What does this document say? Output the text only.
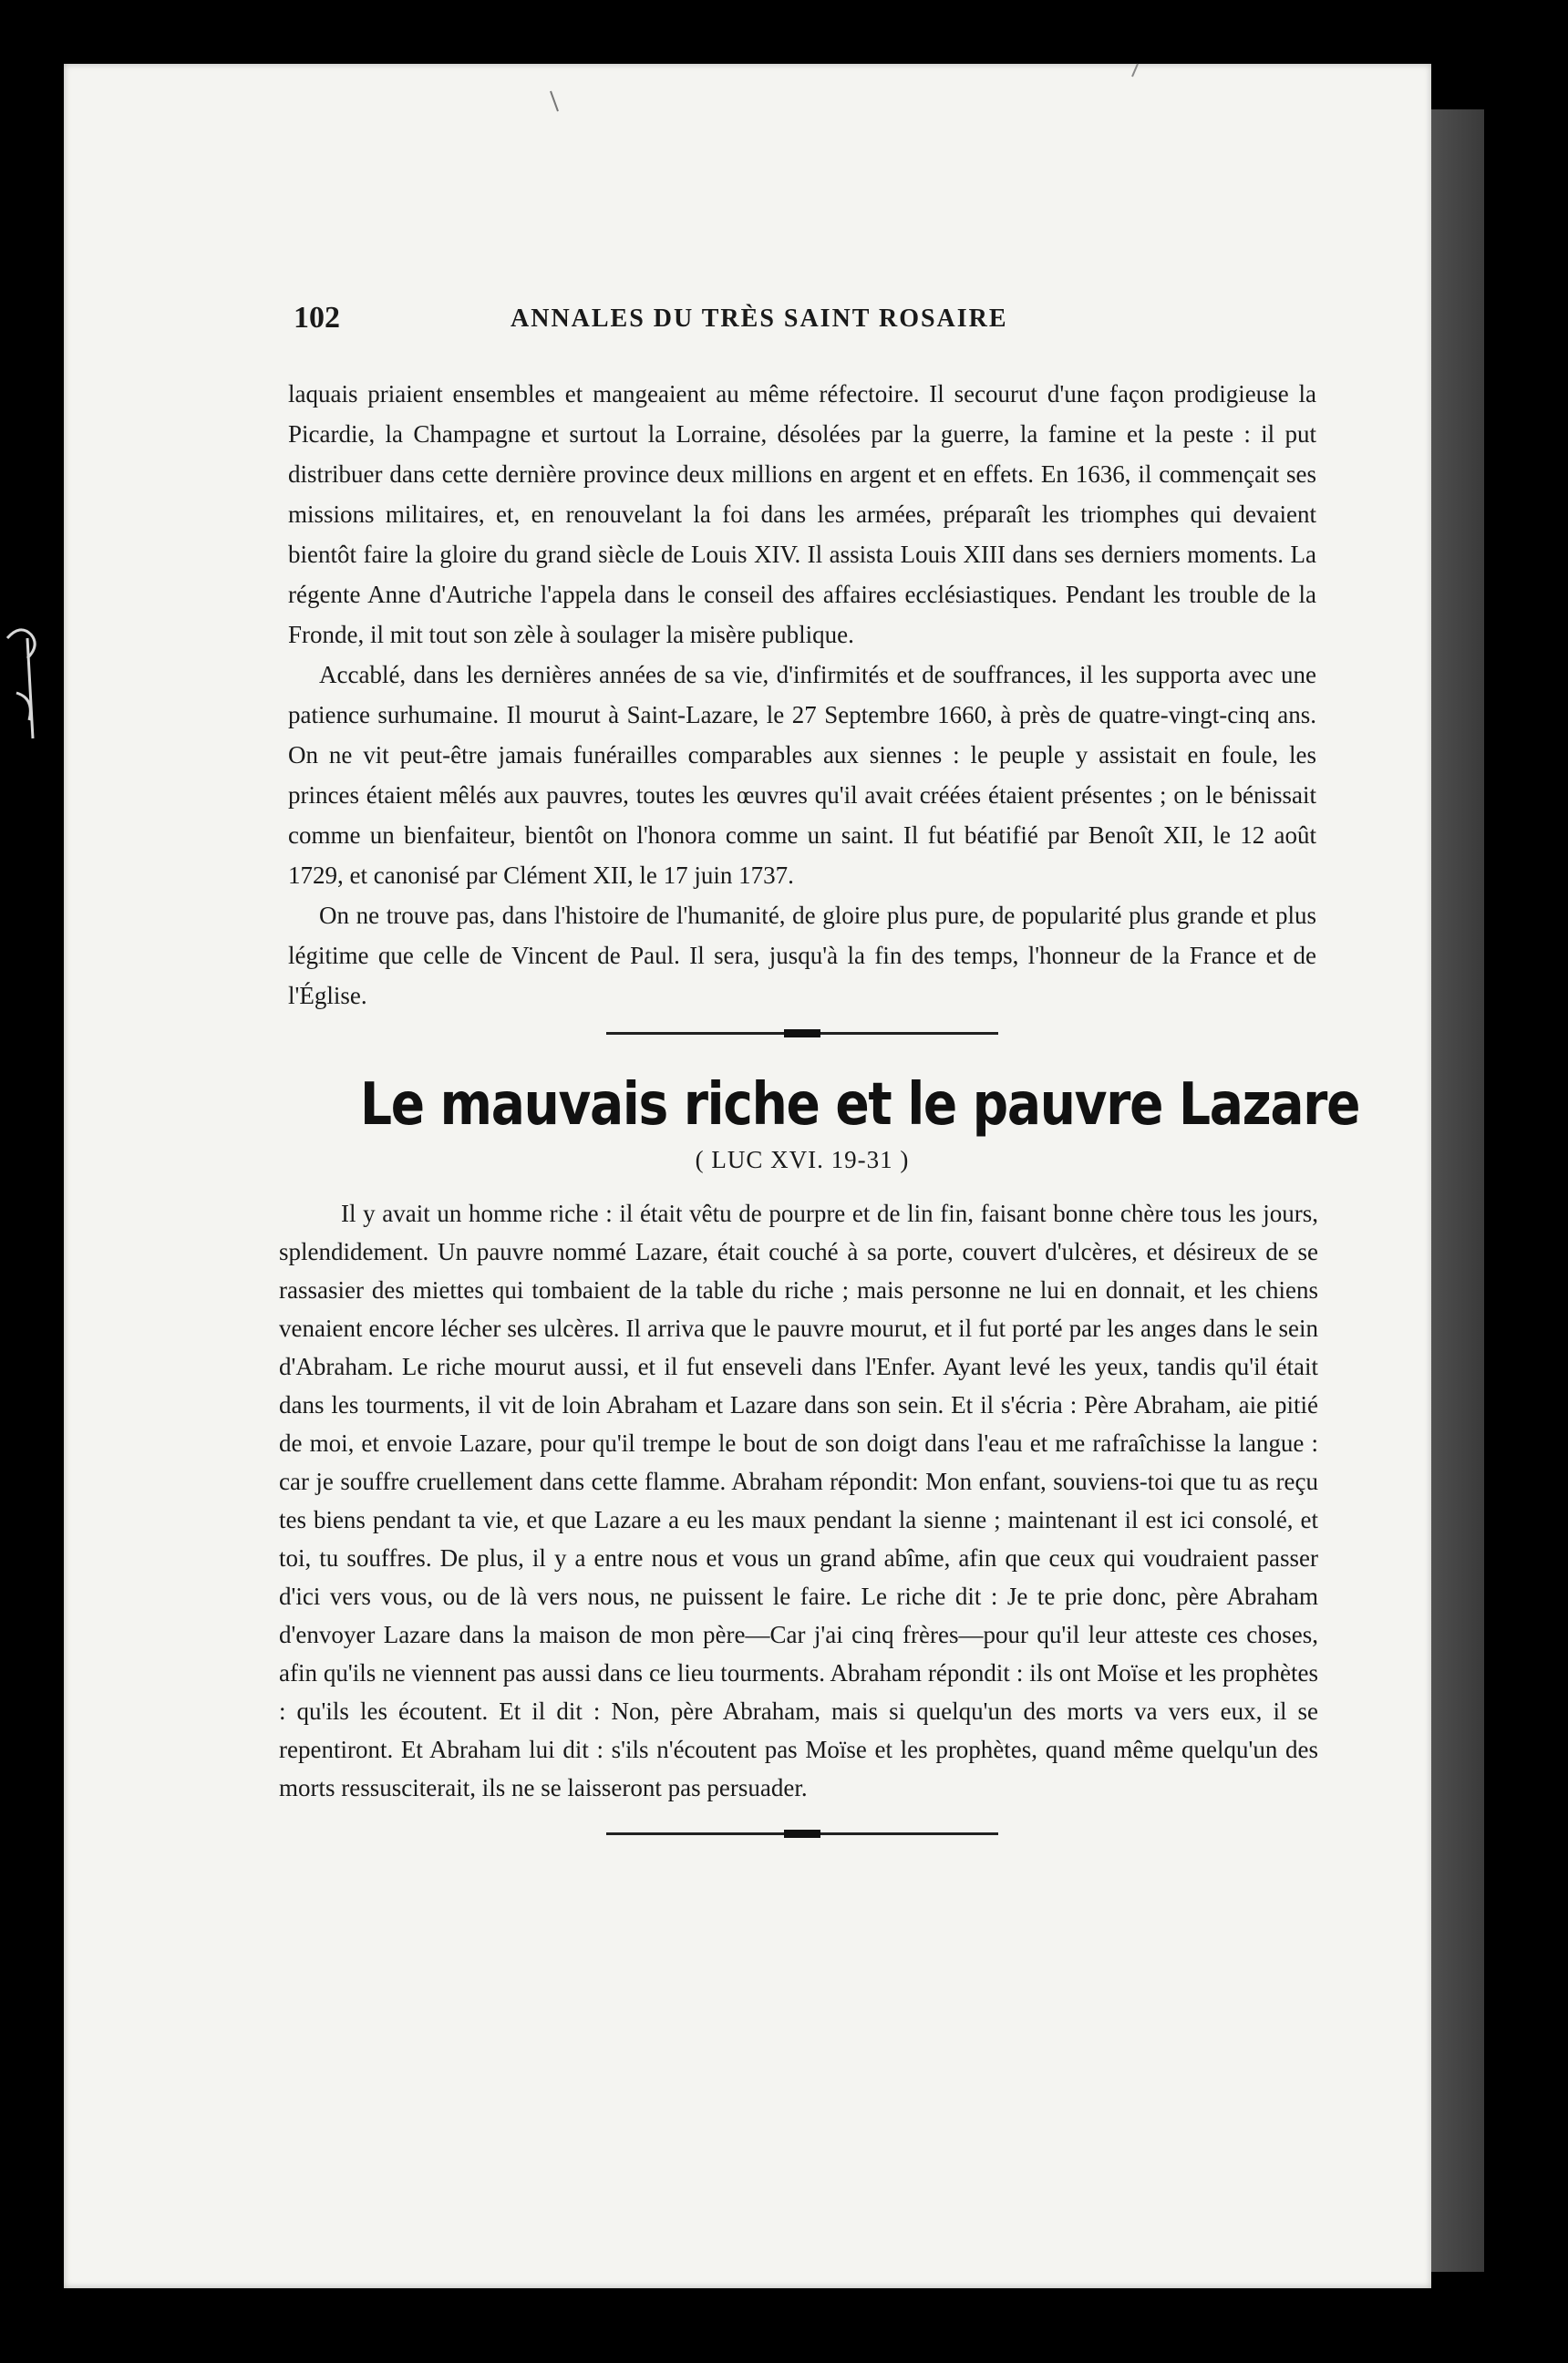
102	ANNALES DU TRÈS SAINT ROSAIRE

laquais priaient ensembles et mangeaient au même réfectoire. Il secourut d'une façon prodigieuse la Picardie, la Champagne et surtout la Lorraine, désolées par la guerre, la famine et la peste : il put distribuer dans cette dernière province deux millions en argent et en effets. En 1636, il commençait ses missions militaires, et, en renouvelant la foi dans les armées, préparaît les triomphes qui devaient bientôt faire la gloire du grand siècle de Louis XIV. Il assista Louis XIII dans ses derniers moments. La régente Anne d'Autriche l'appela dans le conseil des affaires ecclésiastiques. Pendant les trouble de la Fronde, il mit tout son zèle à soulager la misère publique.

Accablé, dans les dernières années de sa vie, d'infirmités et de souffrances, il les supporta avec une patience surhumaine. Il mourut à Saint-Lazare, le 27 Septembre 1660, à près de quatre-vingt-cinq ans. On ne vit peut-être jamais funérailles comparables aux siennes : le peuple y assistait en foule, les princes étaient mêlés aux pauvres, toutes les œuvres qu'il avait créées étaient présentes ; on le bénissait comme un bienfaiteur, bientôt on l'honora comme un saint. Il fut béatifié par Benoît XII, le 12 août 1729, et canonisé par Clément XII, le 17 juin 1737.

On ne trouve pas, dans l'histoire de l'humanité, de gloire plus pure, de popularité plus grande et plus légitime que celle de Vincent de Paul. Il sera, jusqu'à la fin des temps, l'honneur de la France et de l'Église.

Le mauvais riche et le pauvre Lazare
( LUC XVI. 19-31 )

Il y avait un homme riche : il était vêtu de pourpre et de lin fin, faisant bonne chère tous les jours, splendidement. Un pauvre nommé Lazare, était couché à sa porte, couvert d'ulcères, et désireux de se rassasier des miettes qui tombaient de la table du riche ; mais personne ne lui en donnait, et les chiens venaient encore lécher ses ulcères. Il arriva que le pauvre mourut, et il fut porté par les anges dans le sein d'Abraham. Le riche mourut aussi, et il fut enseveli dans l'Enfer. Ayant levé les yeux, tandis qu'il était dans les tourments, il vit de loin Abraham et Lazare dans son sein. Et il s'écria : Père Abraham, aie pitié de moi, et envoie Lazare, pour qu'il trempe le bout de son doigt dans l'eau et me rafraîchisse la langue : car je souffre cruellement dans cette flamme. Abraham répondit: Mon enfant, souviens-toi que tu as reçu tes biens pendant ta vie, et que Lazare a eu les maux pendant la sienne ; maintenant il est ici consolé, et toi, tu souffres. De plus, il y a entre nous et vous un grand abîme, afin que ceux qui voudraient passer d'ici vers vous, ou de là vers nous, ne puissent le faire. Le riche dit : Je te prie donc, père Abraham d'envoyer Lazare dans la maison de mon père—Car j'ai cinq frères—pour qu'il leur atteste ces choses, afin qu'ils ne viennent pas aussi dans ce lieu tourments. Abraham répondit : ils ont Moïse et les prophètes : qu'ils les écoutent. Et il dit : Non, père Abraham, mais si quelqu'un des morts va vers eux, il se repentiront. Et Abraham lui dit : s'ils n'écoutent pas Moïse et les prophètes, quand même quelqu'un des morts ressusciterait, ils ne se laisseront pas persuader.
